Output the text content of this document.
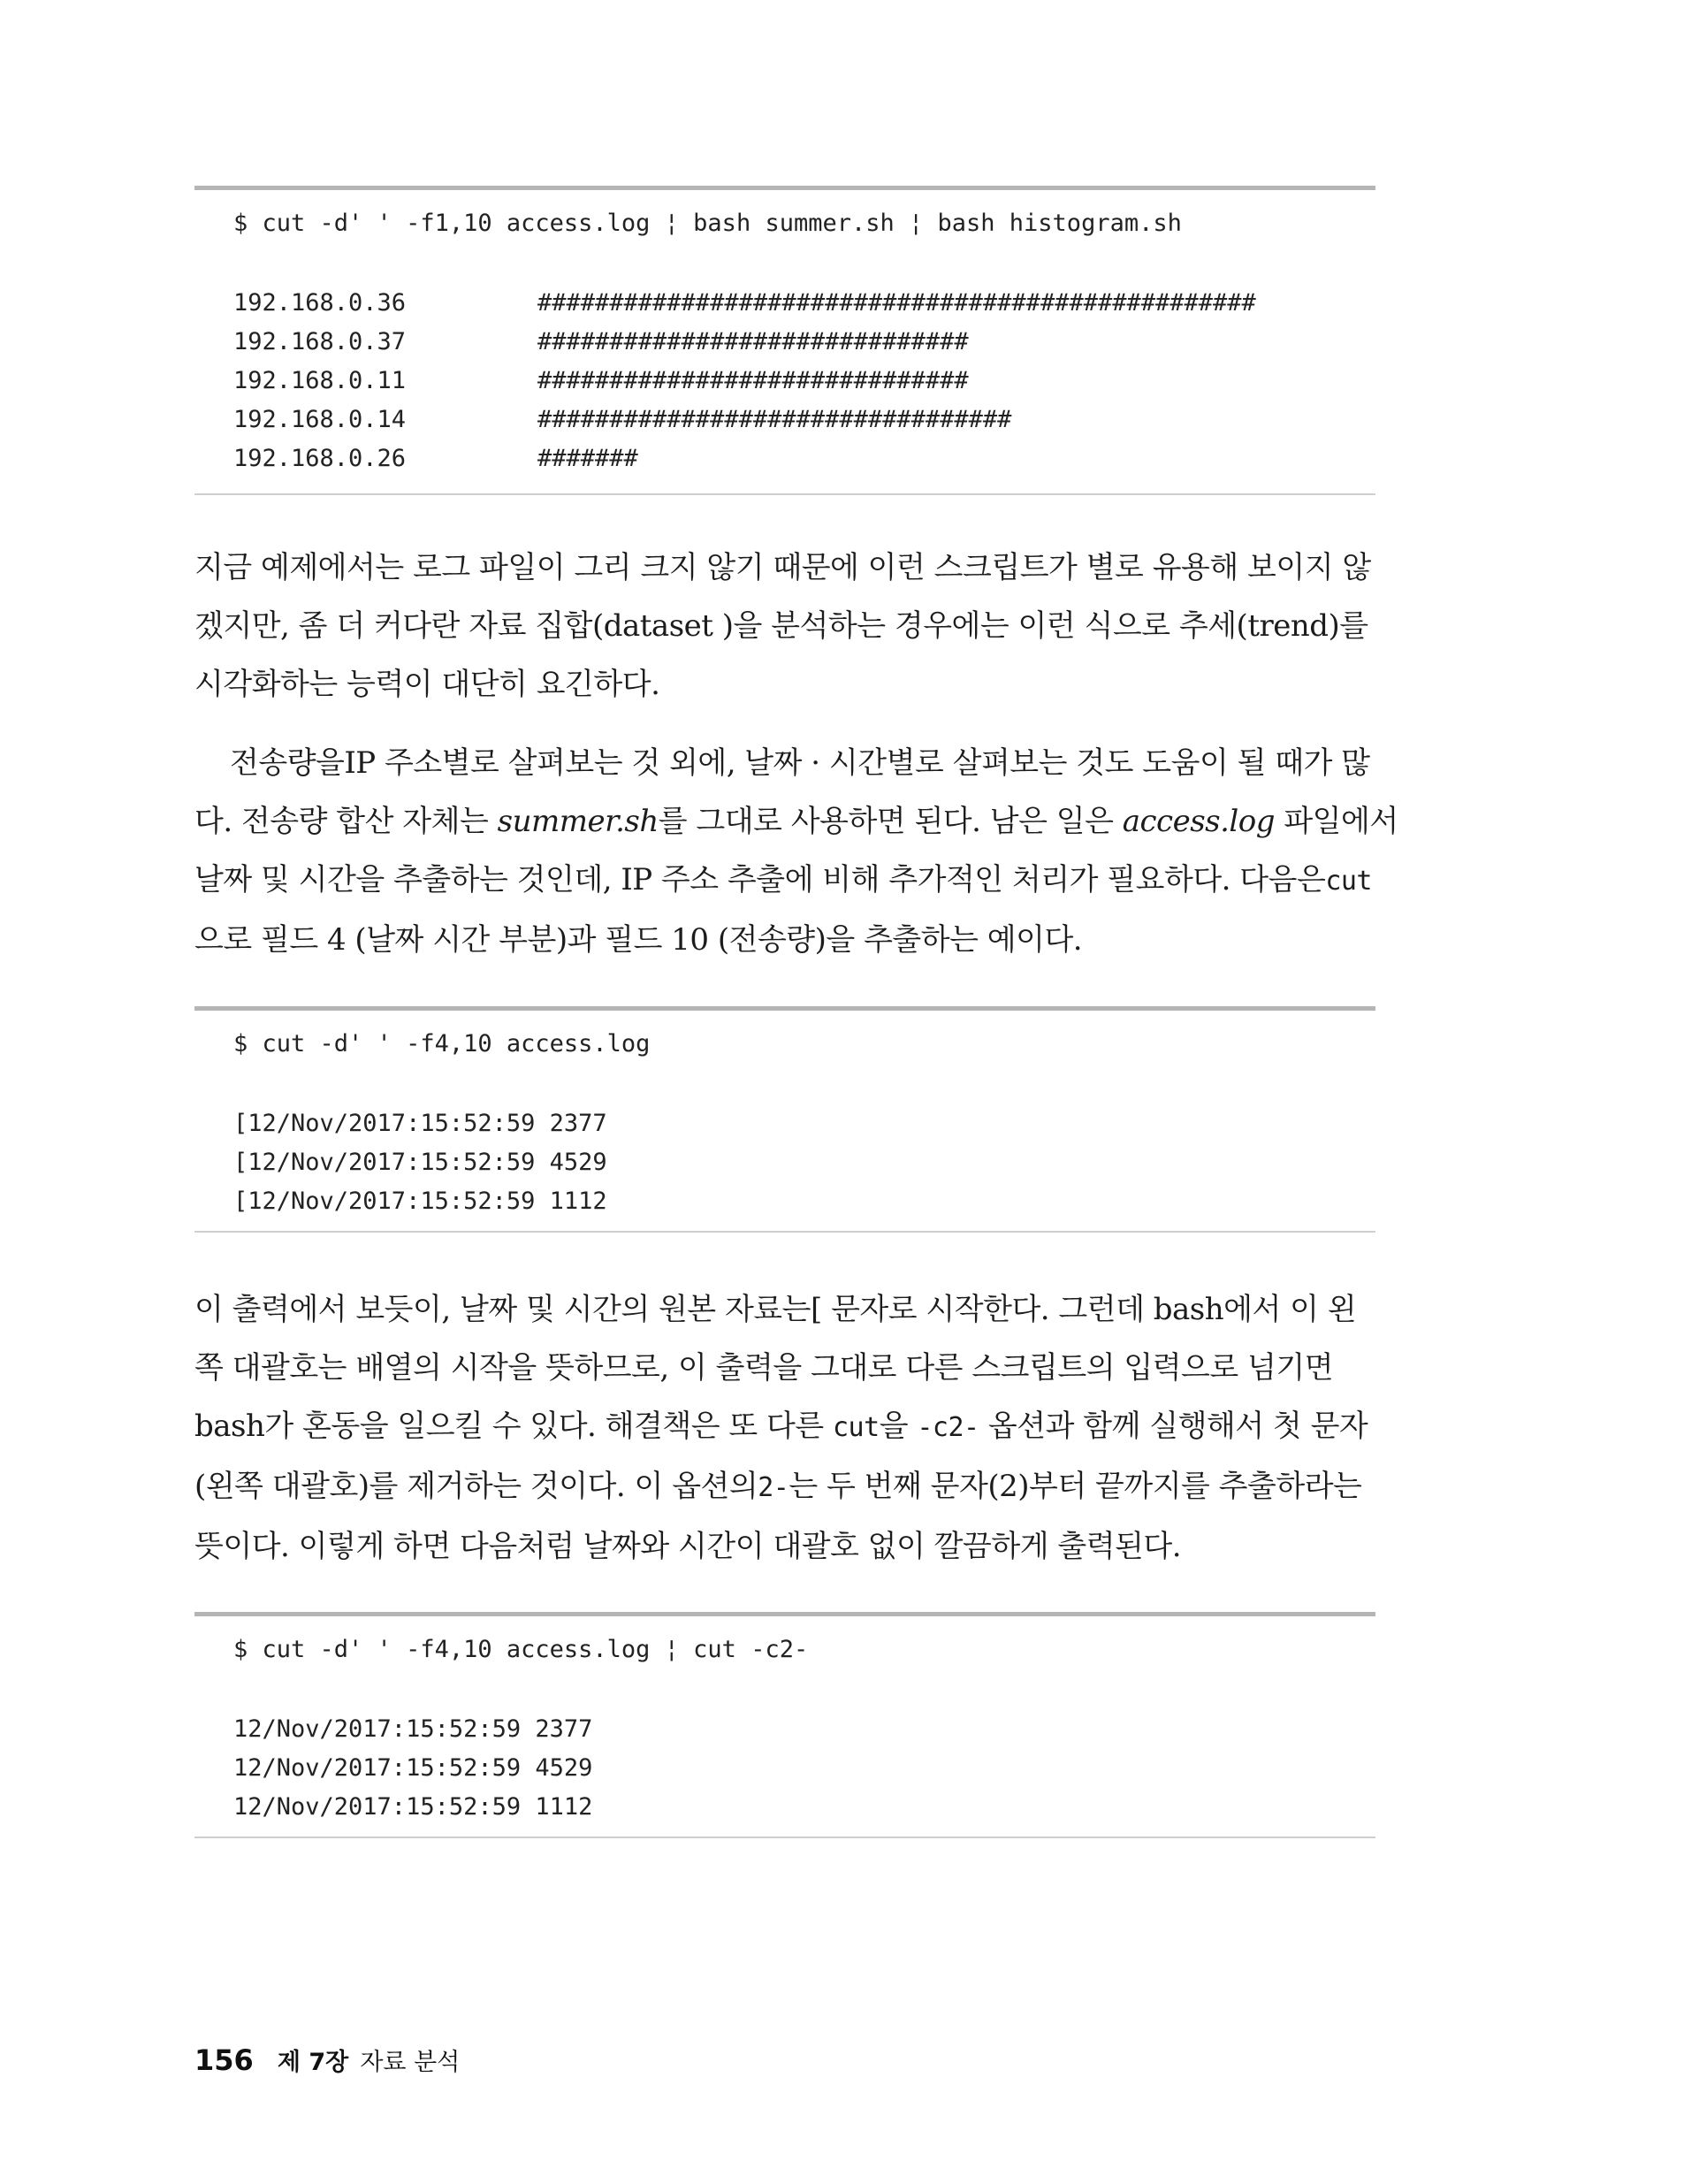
$ cut -d' ' -f1,10 access.log ¦ bash summer.sh ¦ bash histogram.sh
192.168.0.36	##################################################
192.168.0.37	##############################
192.168.0.11	##############################
192.168.0.14	#################################
192.168.0.26	#######
지금 예제에서는 로그 파일이 그리 크지 않기 때문에 이런 스크립트가 별로 유용해 보이지 않
겠지만, 좀 더 커다란 자료 집합(dataset )을 분석하는 경우에는 이런 식으로 추세(trend)를
시각화하는 능력이 대단히 요긴하다.
전송량을IP 주소별로 살펴보는 것 외에, 날짜 · 시간별로 살펴보는 것도 도움이 될 때가 많
다. 전송량 합산 자체는 summer.sh를 그대로 사용하면 된다. 남은 일은 access.log 파일에서
날짜 및 시간을 추출하는 것인데, IP 주소 추출에 비해 추가적인 처리가 필요하다. 다음은cut
으로 필드 4 (날짜 시간 부분)과 필드 10 (전송량)을 추출하는 예이다.
$ cut -d' ' -f4,10 access.log
[12/Nov/2017:15:52:59 2377
[12/Nov/2017:15:52:59 4529
[12/Nov/2017:15:52:59 1112
이 출력에서 보듯이, 날짜 및 시간의 원본 자료는[ 문자로 시작한다. 그런데 bash에서 이 왼
쪽 대괄호는 배열의 시작을 뜻하므로, 이 출력을 그대로 다른 스크립트의 입력으로 넘기면
bash가 혼동을 일으킬 수 있다. 해결책은 또 다른 cut을 -c2- 옵션과 함께 실행해서 첫 문자
(왼쪽 대괄호)를 제거하는 것이다. 이 옵션의2-는 두 번째 문자(2)부터 끝까지를 추출하라는
뜻이다. 이렇게 하면 다음처럼 날짜와 시간이 대괄호 없이 깔끔하게 출력된다.
$ cut -d' ' -f4,10 access.log ¦ cut -c2-
12/Nov/2017:15:52:59 2377
12/Nov/2017:15:52:59 4529
12/Nov/2017:15:52:59 1112
156 제 7장 자료 분석
